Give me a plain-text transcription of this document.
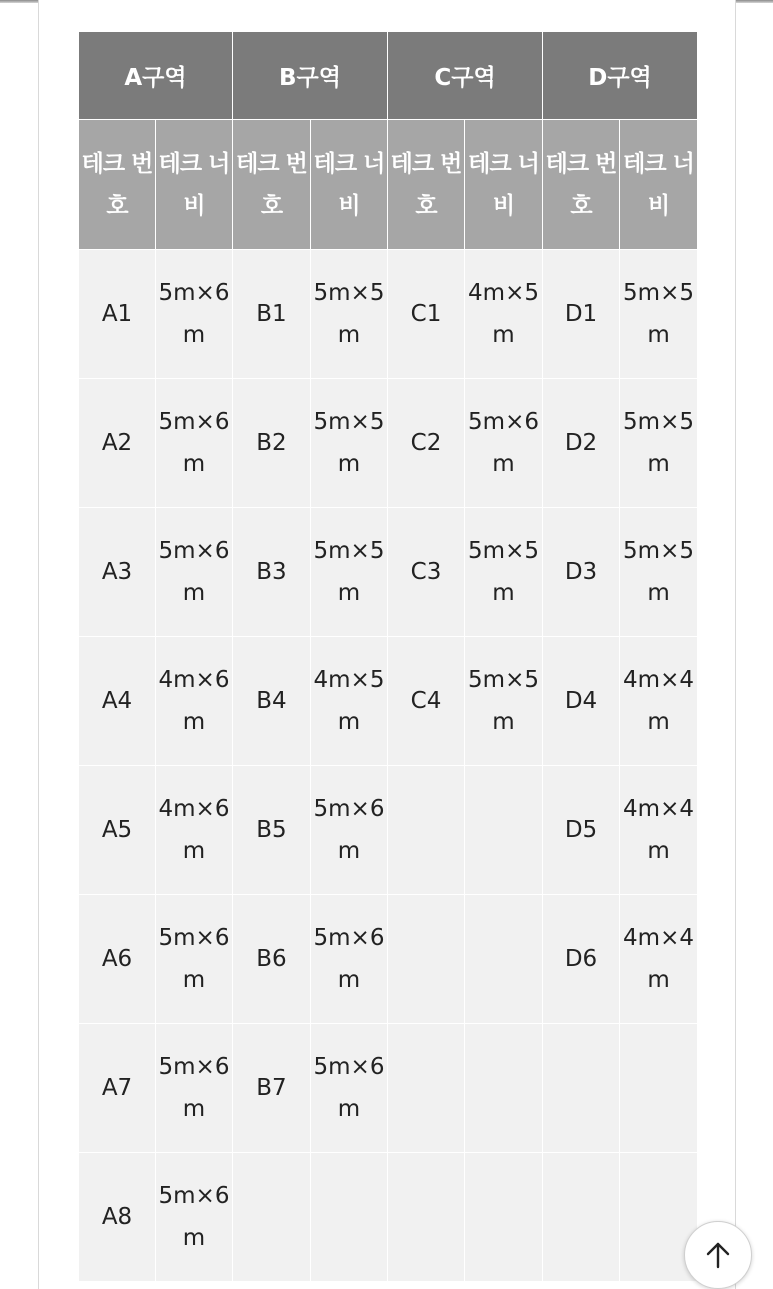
A구역		B구역		C구역		D구역	
테크 번호	테크 너비	테크 번호	테크 너비	테크 번호	테크 너비	테크 번호	테크 너비
A1	5m×6m	B1	5m×5m	C1	4m×5m	D1	5m×5m
A2	5m×6m	B2	5m×5m	C2	5m×6m	D2	5m×5m
A3	5m×6m	B3	5m×5m	C3	5m×5m	D3	5m×5m
A4	4m×6m	B4	4m×5m	C4	5m×5m	D4	4m×4m
A5	4m×6m	B5	5m×6m			D5	4m×4m
A6	5m×6m	B6	5m×6m			D6	4m×4m
A7	5m×6m	B7	5m×6m				
A8	5m×6m						
